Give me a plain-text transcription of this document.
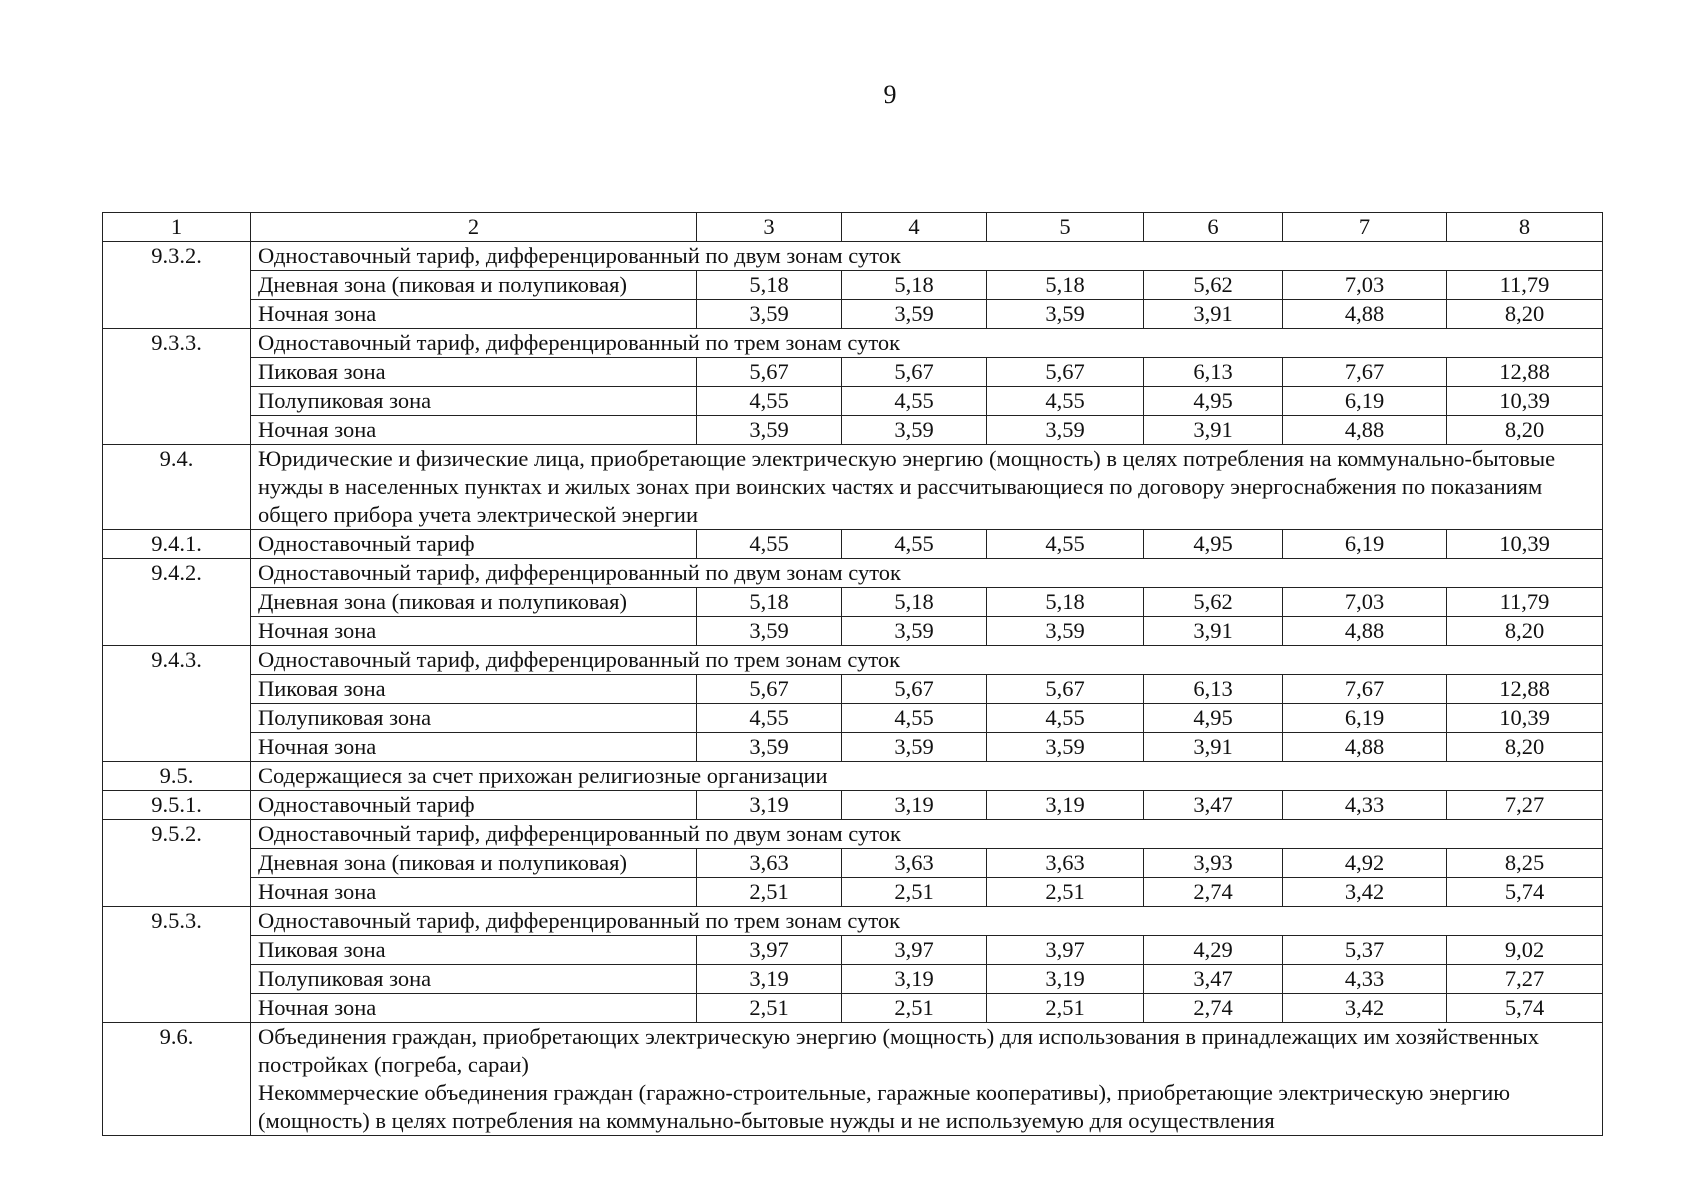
9
1	2	3	4	5	6	7	8
9.3.2.	Одноставочный тариф, дифференцированный по двум зонам суток						

	Дневная зона (пиковая и полупиковая)	5,18	5,18	5,18	5,62	7,03	11,79
	Ночная зона	3,59	3,59	3,59	3,91	4,88	8,20
9.3.3.	Одноставочный тариф, дифференцированный по трем зонам суток						

	Пиковая зона	5,67	5,67	5,67	6,13	7,67	12,88
	Полупиковая зона	4,55	4,55	4,55	4,95	6,19	10,39
	Ночная зона	3,59	3,59	3,59	3,91	4,88	8,20
9.4.	Юридические и физические лица, приобретающие электрическую энергию (мощность) в целях потребления на коммунально-бытовые нужды в населенных пунктах и жилых зонах при воинских частях и рассчитывающиеся по договору энергоснабжения по показаниям общего прибора учета электрической энергии						

9.4.1.	Одноставочный тариф	4,55	4,55	4,55	4,95	6,19	10,39
9.4.2.	Одноставочный тариф, дифференцированный по двум зонам суток						

	Дневная зона (пиковая и полупиковая)	5,18	5,18	5,18	5,62	7,03	11,79
	Ночная зона	3,59	3,59	3,59	3,91	4,88	8,20
9.4.3.	Одноставочный тариф, дифференцированный по трем зонам суток						

	Пиковая зона	5,67	5,67	5,67	6,13	7,67	12,88
	Полупиковая зона	4,55	4,55	4,55	4,95	6,19	10,39
	Ночная зона	3,59	3,59	3,59	3,91	4,88	8,20
9.5.	Содержащиеся за счет прихожан религиозные организации						

9.5.1.	Одноставочный тариф	3,19	3,19	3,19	3,47	4,33	7,27
9.5.2.	Одноставочный тариф, дифференцированный по двум зонам суток						

	Дневная зона (пиковая и полупиковая)	3,63	3,63	3,63	3,93	4,92	8,25
	Ночная зона	2,51	2,51	2,51	2,74	3,42	5,74
9.5.3.	Одноставочный тариф, дифференцированный по трем зонам суток						

	Пиковая зона	3,97	3,97	3,97	4,29	5,37	9,02
	Полупиковая зона	3,19	3,19	3,19	3,47	4,33	7,27
	Ночная зона	2,51	2,51	2,51	2,74	3,42	5,74
9.6.	Объединения граждан, приобретающих электрическую энергию (мощность) для использования в принадлежащих им хозяйственных постройках (погреба, сараи)
Некоммерческие объединения граждан (гаражно-строительные, гаражные кооперативы), приобретающие электрическую энергию (мощность) в целях потребления на коммунально-бытовые нужды и не используемую для осуществления						
